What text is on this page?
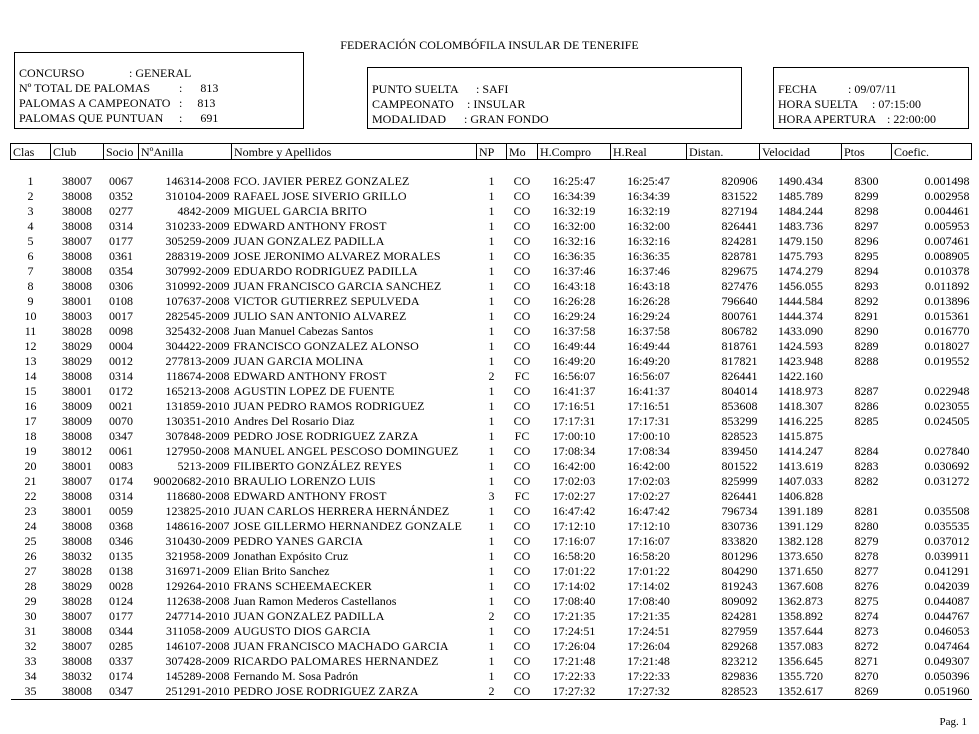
FEDERACIÓN COLOMBÓFILA INSULAR DE TENERIFE
CONCURSO	: GENERAL
Nº TOTAL DE PALOMAS :      813
PALOMAS A CAMPEONATO :     813
PALOMAS QUE PUNTUAN :      691
PUNTO SUELTA : SAFI
CAMPEONATO : INSULAR
MODALIDAD : GRAN FONDO
FECHA	: 09/07/11
HORA SUELTA : 07:15:00
HORA APERTURA : 22:00:00
Clas	Club	Socio	NºAnilla	Nombre y Apellidos	NP	Mo	H.Compro	H.Real	Distan.	Velocidad	Ptos	Coefic.

1	38007	0067	146314-2008	FCO. JAVIER PEREZ GONZALEZ	1	CO	16:25:47	16:25:47	820906	1490.434	8300	0.001498
2	38008	0352	310104-2009	RAFAEL JOSE SIVERIO GRILLO	1	CO	16:34:39	16:34:39	831522	1485.789	8299	0.002958
3	38008	0277	4842-2009	MIGUEL GARCIA BRITO	1	CO	16:32:19	16:32:19	827194	1484.244	8298	0.004461
4	38008	0314	310233-2009	EDWARD ANTHONY FROST	1	CO	16:32:00	16:32:00	826441	1483.736	8297	0.005953
5	38007	0177	305259-2009	JUAN GONZALEZ PADILLA	1	CO	16:32:16	16:32:16	824281	1479.150	8296	0.007461
6	38008	0361	288319-2009	JOSE JERONIMO ALVAREZ MORALES	1	CO	16:36:35	16:36:35	828781	1475.793	8295	0.008905
7	38008	0354	307992-2009	EDUARDO RODRIGUEZ PADILLA	1	CO	16:37:46	16:37:46	829675	1474.279	8294	0.010378
8	38008	0306	310992-2009	JUAN FRANCISCO GARCIA SANCHEZ	1	CO	16:43:18	16:43:18	827476	1456.055	8293	0.011892
9	38001	0108	107637-2008	VICTOR GUTIERREZ SEPULVEDA	1	CO	16:26:28	16:26:28	796640	1444.584	8292	0.013896
10	38003	0017	282545-2009	JULIO SAN ANTONIO ALVAREZ	1	CO	16:29:24	16:29:24	800761	1444.374	8291	0.015361
11	38028	0098	325432-2008	Juan Manuel Cabezas Santos	1	CO	16:37:58	16:37:58	806782	1433.090	8290	0.016770
12	38029	0004	304422-2009	FRANCISCO GONZALEZ ALONSO	1	CO	16:49:44	16:49:44	818761	1424.593	8289	0.018027
13	38029	0012	277813-2009	JUAN GARCIA MOLINA	1	CO	16:49:20	16:49:20	817821	1423.948	8288	0.019552
14	38008	0314	118674-2008	EDWARD ANTHONY FROST	2	FC	16:56:07	16:56:07	826441	1422.160		
15	38001	0172	165213-2008	AGUSTIN LOPEZ DE FUENTE	1	CO	16:41:37	16:41:37	804014	1418.973	8287	0.022948
16	38009	0021	131859-2010	JUAN PEDRO RAMOS RODRIGUEZ	1	CO	17:16:51	17:16:51	853608	1418.307	8286	0.023055
17	38009	0070	130351-2010	Andres Del Rosario Diaz	1	CO	17:17:31	17:17:31	853299	1416.225	8285	0.024505
18	38008	0347	307848-2009	PEDRO JOSE RODRIGUEZ ZARZA	1	FC	17:00:10	17:00:10	828523	1415.875		
19	38012	0061	127950-2008	MANUEL ANGEL PESCOSO DOMINGUEZ	1	CO	17:08:34	17:08:34	839450	1414.247	8284	0.027840
20	38001	0083	5213-2009	FILIBERTO GONZÁLEZ REYES	1	CO	16:42:00	16:42:00	801522	1413.619	8283	0.030692
21	38007	0174	90020682-2010	BRAULIO LORENZO LUIS	1	CO	17:02:03	17:02:03	825999	1407.033	8282	0.031272
22	38008	0314	118680-2008	EDWARD ANTHONY FROST	3	FC	17:02:27	17:02:27	826441	1406.828		
23	38001	0059	123825-2010	JUAN CARLOS HERRERA HERNÁNDEZ	1	CO	16:47:42	16:47:42	796734	1391.189	8281	0.035508
24	38008	0368	148616-2007	JOSE GILLERMO HERNANDEZ GONZALE	1	CO	17:12:10	17:12:10	830736	1391.129	8280	0.035535
25	38008	0346	310430-2009	PEDRO YANES GARCIA	1	CO	17:16:07	17:16:07	833820	1382.128	8279	0.037012
26	38032	0135	321958-2009	Jonathan Expósito Cruz	1	CO	16:58:20	16:58:20	801296	1373.650	8278	0.039911
27	38028	0138	316971-2009	Elian Brito Sanchez	1	CO	17:01:22	17:01:22	804290	1371.650	8277	0.041291
28	38029	0028	129264-2010	FRANS SCHEEMAECKER	1	CO	17:14:02	17:14:02	819243	1367.608	8276	0.042039
29	38028	0124	112638-2008	Juan Ramon Mederos Castellanos	1	CO	17:08:40	17:08:40	809092	1362.873	8275	0.044087
30	38007	0177	247714-2010	JUAN GONZALEZ PADILLA	2	CO	17:21:35	17:21:35	824281	1358.892	8274	0.044767
31	38008	0344	311058-2009	AUGUSTO DIOS GARCIA	1	CO	17:24:51	17:24:51	827959	1357.644	8273	0.046053
32	38007	0285	146107-2008	JUAN FRANCISCO MACHADO GARCIA	1	CO	17:26:04	17:26:04	829268	1357.083	8272	0.047464
33	38008	0337	307428-2009	RICARDO PALOMARES HERNANDEZ	1	CO	17:21:48	17:21:48	823212	1356.645	8271	0.049307
34	38032	0174	145289-2008	Fernando M. Sosa Padrón	1	CO	17:22:33	17:22:33	829836	1355.720	8270	0.050396
35	38008	0347	251291-2010	PEDRO JOSE RODRIGUEZ ZARZA	2	CO	17:27:32	17:27:32	828523	1352.617	8269	0.051960
Pag. 1
